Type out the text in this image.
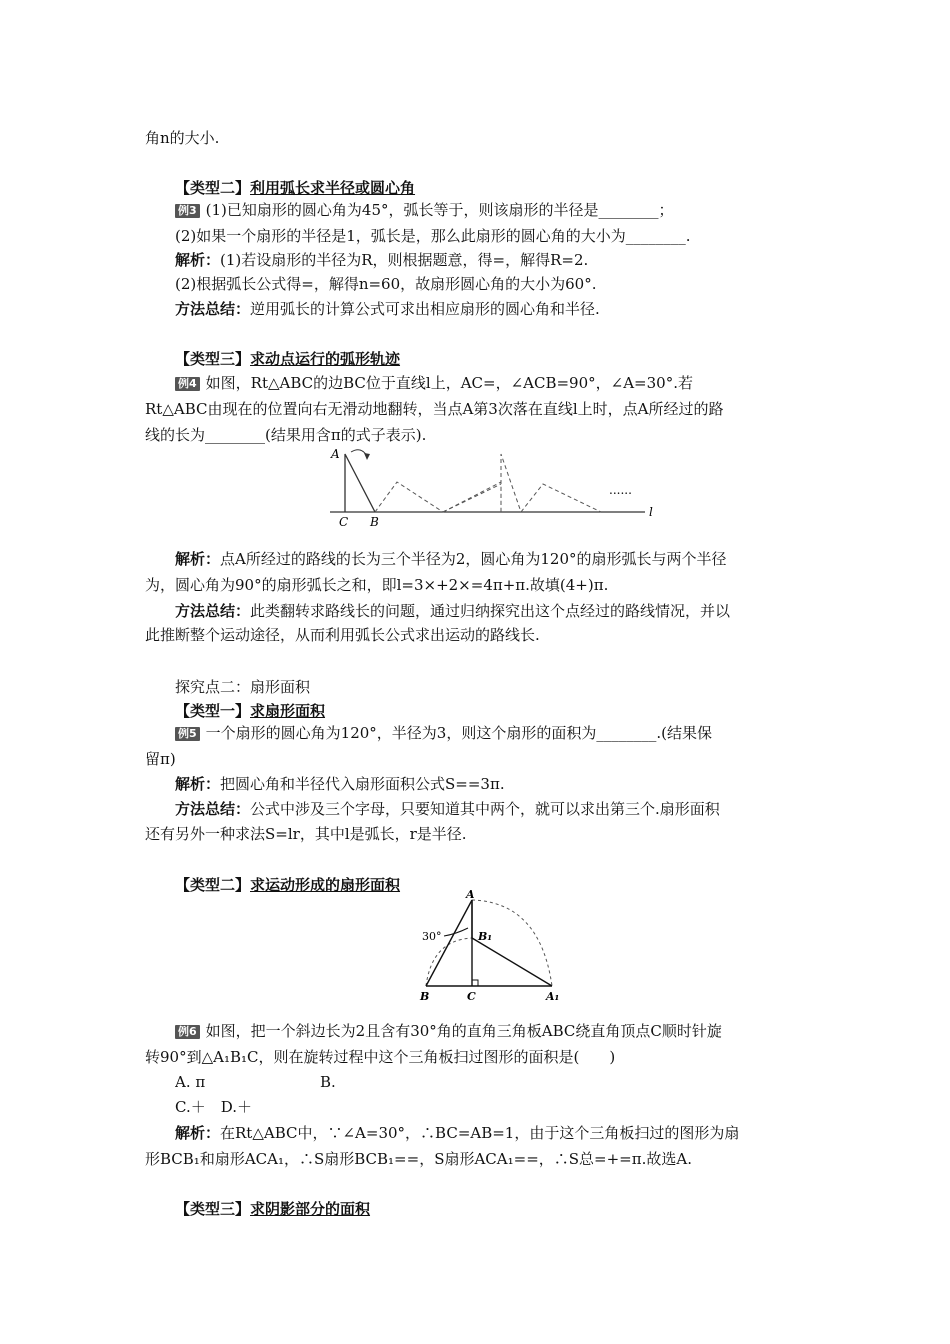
角n的大小.
【类型二】利用弧长求半径或圆心角
例3 (1)已知扇形的圆心角为45°，弧长等于，则该扇形的半径是________；
(2)如果一个扇形的半径是1，弧长是，那么此扇形的圆心角的大小为________.
解析：(1)若设扇形的半径为R，则根据题意，得=，解得R=2.
(2)根据弧长公式得=，解得n=60，故扇形圆心角的大小为60°.
方法总结：逆用弧长的计算公式可求出相应扇形的圆心角和半径.
【类型三】求动点运行的弧形轨迹
例4 如图，Rt△ABC的边BC位于直线l上，AC=，∠ACB=90°，∠A=30°.若
Rt△ABC由现在的位置向右无滑动地翻转，当点A第3次落在直线l上时，点A所经过的路
线的长为________(结果用含π的式子表示).
......
A
C B
l
解析：点A所经过的路线的长为三个半径为2，圆心角为120°的扇形弧长与两个半径
为，圆心角为90°的扇形弧长之和，即l=3×+2×=4π+π.故填(4+)π.
方法总结：此类翻转求路线长的问题，通过归纳探究出这个点经过的路线情况，并以
此推断整个运动途径，从而利用弧长公式求出运动的路线长.
探究点二：扇形面积
【类型一】求扇形面积
例5 一个扇形的圆心角为120°，半径为3，则这个扇形的面积为________.(结果保
留π)
解析：把圆心角和半径代入扇形面积公式S==3π.
方法总结：公式中涉及三个字母，只要知道其中两个，就可以求出第三个.扇形面积
还有另外一种求法S=lr，其中l是弧长，r是半径.
【类型二】求运动形成的扇形面积
30°
A
B₁
B	C	A₁
例6 如图，把一个斜边长为2且含有30°角的直角三角板ABC绕直角顶点C顺时针旋
转90°到△A₁B₁C，则在旋转过程中这个三角板扫过图形的面积是(　　)
A. π	B.
C.＋　D.＋
解析：在Rt△ABC中，∵∠A=30°，∴BC=AB=1，由于这个三角板扫过的图形为扇
形BCB₁和扇形ACA₁，∴S扇形BCB₁==，S扇形ACA₁==，∴S总=+=π.故选A.
【类型三】求阴影部分的面积
